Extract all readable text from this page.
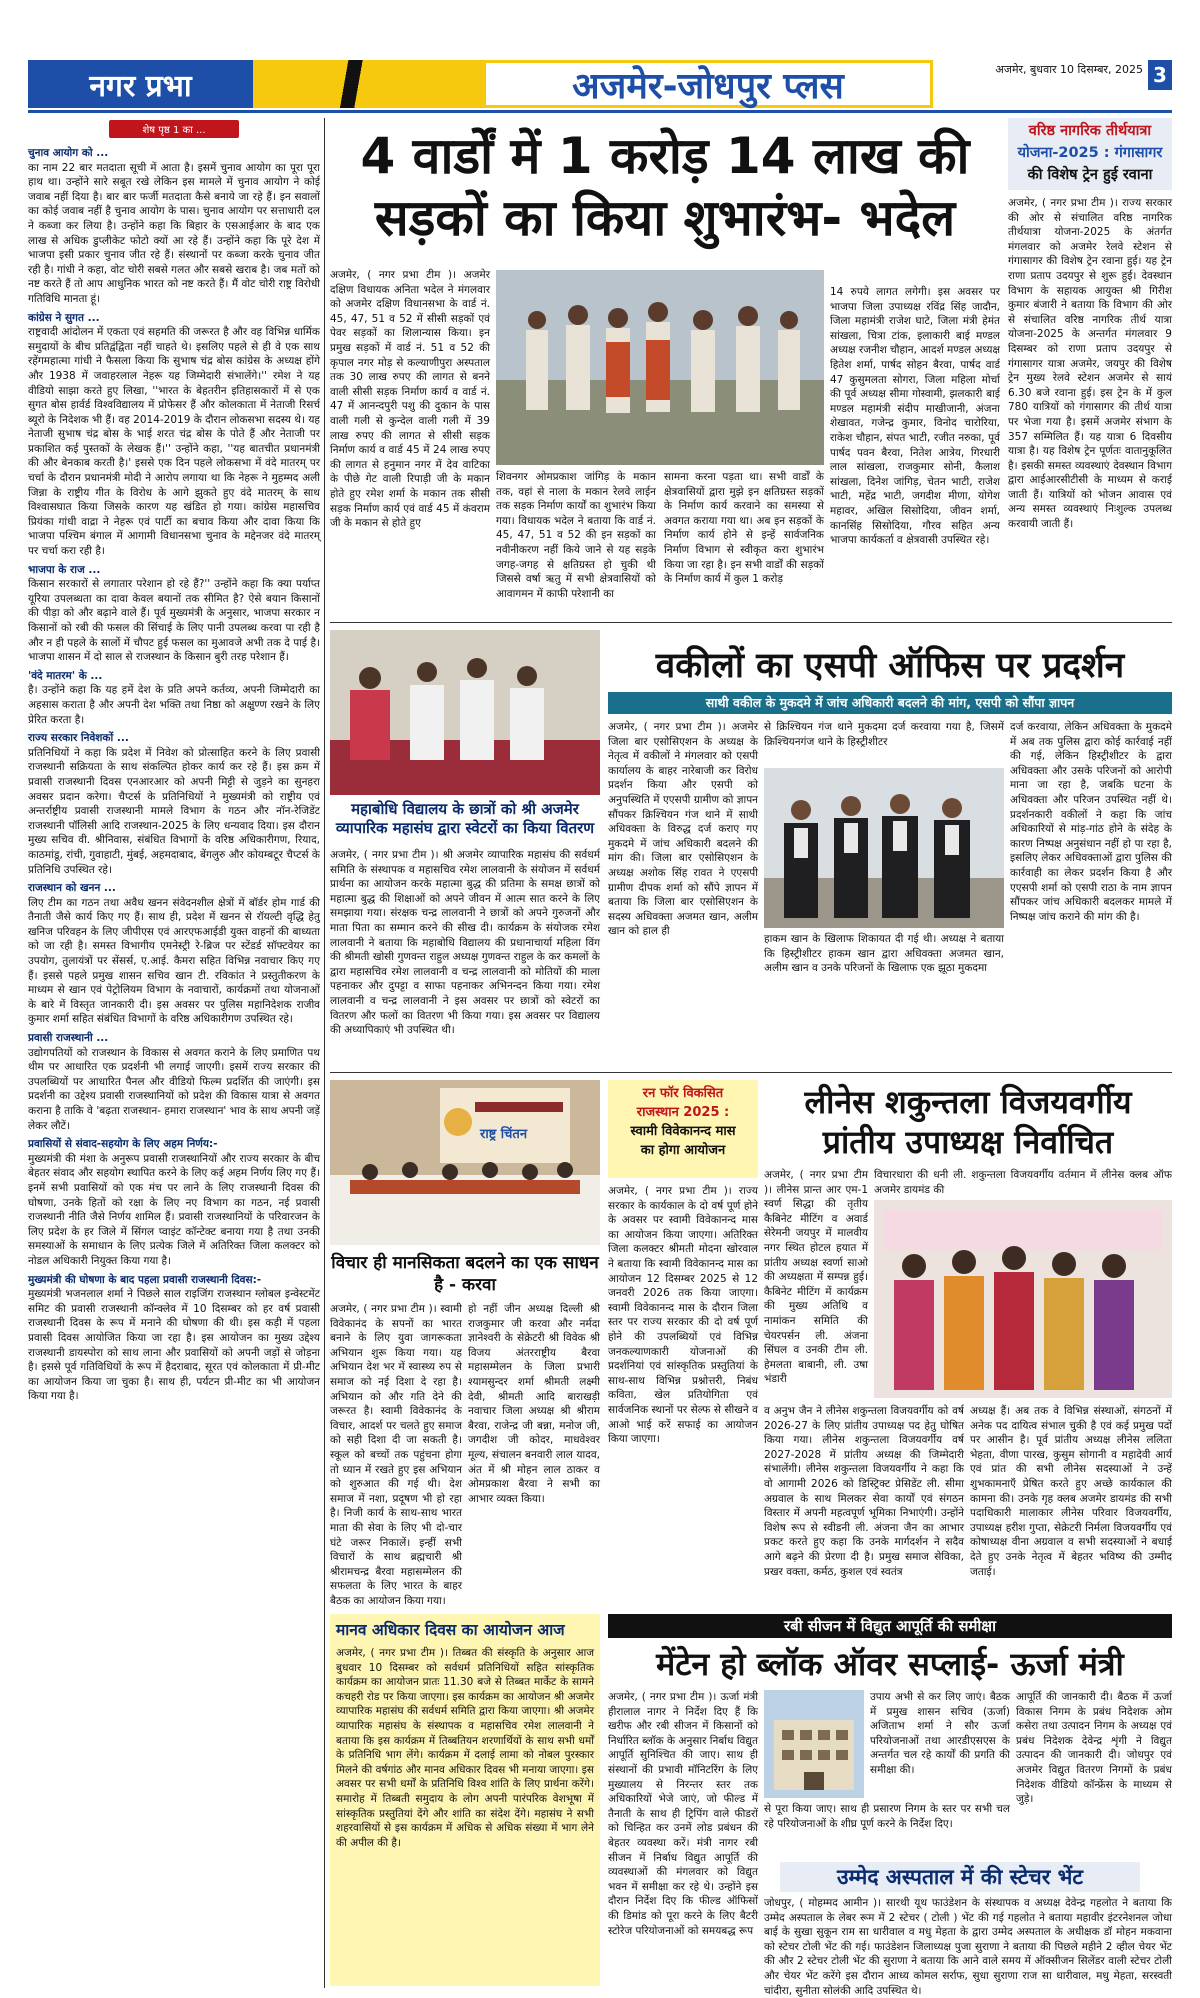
नगर प्रभा	अजमेर-जोधपुर प्लस	अजमेर, बुधवार 10 दिसम्बर, 2025 3
शेष पृष्ठ 1 का ...
चुनाव आयोग को ...
का नाम 22 बार मतदाता सूची में आता है। इसमें चुनाव आयोग का पूरा पूरा हाथ था। उन्होंने सारे सबूत रखे लेकिन इस मामले में चुनाव आयोग ने कोई जवाब नहीं दिया है। बार बार फर्जी मतदाता कैसे बनाये जा रहे हैं। इन सवालों का कोई जवाब नहीं है चुनाव आयोग के पास। चुनाव आयोग पर सत्ताधारी दल ने कब्जा कर लिया है। उन्होंने कहा कि बिहार के एसआईआर के बाद एक लाख से अधिक डुप्लीकेट फोटो क्यों आ रहे हैं। उन्होंने कहा कि पूरे देश में भाजपा इसी प्रकार चुनाव जीत रहे हैं। संस्थानों पर कब्जा करके चुनाव जीत रही है। गांधी ने कहा, वोट चोरी सबसे गलत और सबसे खराब है। जब मतों को नष्ट करते हैं तो आप आधुनिक भारत को नष्ट करते हैं। मैं वोट चोरी राष्ट्र विरोधी गतिविधि मानता हूं।
कांग्रेस ने सुगत ...
राष्ट्रवादी आंदोलन में एकता एवं सहमति की जरूरत है और वह विभिन्न धार्मिक समुदायों के बीच प्रतिद्वंद्विता नहीं चाहते थे। इसलिए पहले से ही वे एक साथ रहेंगमहात्मा गांधी ने फैसला किया कि सुभाष चंद्र बोस कांग्रेस के अध्यक्ष होंगे और 1938 में जवाहरलाल नेहरू यह जिम्मेदारी संभालेंगे।'' रमेश ने यह वीडियो साझा करते हुए लिखा, ''भारत के बेहतरीन इतिहासकारों में से एक सुगत बोस हार्वर्ड विश्वविद्यालय में प्रोफेसर हैं और कोलकाता में नेताजी रिसर्च ब्यूरो के निदेशक भी हैं। वह 2014-2019 के दौरान लोकसभा सदस्य थे। यह नेताजी सुभाष चंद्र बोस के भाई शरत चंद्र बोस के पोते हैं और नेताजी पर प्रकाशित कई पुस्तकों के लेखक हैं।'' उन्होंने कहा, ''यह बातचीत प्रधानमंत्री की और बेनकाब करती है।' इससे एक दिन पहले लोकसभा में वंदे मातरम् पर चर्चा के दौरान प्रधानमंत्री मोदी ने आरोप लगाया था कि नेहरू ने मुहम्मद अली जिन्ना के राष्ट्रीय गीत के विरोध के आगे झुकते हुए वंदे मातरम् के साथ विश्वासघात किया जिसके कारण यह खंडित हो गया। कांग्रेस महासचिव प्रियंका गांधी वाद्रा ने नेहरू एवं पार्टी का बचाव किया और दावा किया कि भाजपा पश्चिम बंगाल में आगामी विधानसभा चुनाव के मद्देनजर वंदे मातरम् पर चर्चा करा रही है।
भाजपा के राज ...
किसान सरकारों से लगातार परेशान हो रहे हैं?'' उन्होंने कहा कि क्या पर्याप्त यूरिया उपलब्धता का दावा केवल बयानों तक सीमित है? ऐसे बयान किसानों की पीड़ा को और बढ़ाने वाले हैं। पूर्व मुख्यमंत्री के अनुसार, भाजपा सरकार न किसानों को रबी की फसल की सिंचाई के लिए पानी उपलब्ध करवा पा रही है और न ही पहले के सालों में चौपट हुई फसल का मुआवजे अभी तक दे पाई है। भाजपा शासन में दो साल से राजस्थान के किसान बुरी तरह परेशान हैं।
'वंदे मातरम' के ...
है। उन्होंने कहा कि यह हमें देश के प्रति अपने कर्तव्य, अपनी जिम्मेदारी का अहसास कराता है और अपनी देश भक्ति तथा निष्ठा को अक्षुण्ण रखने के लिए प्रेरित करता है।
राज्य सरकार निवेशकों ...
प्रतिनिधियों ने कहा कि प्रदेश में निवेश को प्रोत्साहित करने के लिए प्रवासी राजस्थानी सक्रियता के साथ संकल्पित होकर कार्य कर रहे हैं। इस क्रम में प्रवासी राजस्थानी दिवस एनआरआर को अपनी मिट्टी से जुड़ने का सुनहरा अवसर प्रदान करेगा। चैप्टर्स के प्रतिनिधियों ने मुख्यमंत्री को राष्ट्रीय एवं अन्तर्राष्ट्रीय प्रवासी राजस्थानी मामले विभाग के गठन और नॉन-रेजिडेंट राजस्थानी पॉलिसी आदि राजस्थान-2025 के लिए धन्यवाद दिया। इस दौरान मुख्य सचिव वी. श्रीनिवास, संबंधित विभागों के वरिष्ठ अधिकारीगण, रियाद, काठमांडू, रांची, गुवाहाटी, मुंबई, अहमदाबाद, बेंगलुरु और कोयम्बटूर चैप्टर्स के प्रतिनिधि उपस्थित रहे।
राजस्थान को खनन ...
लिए टीम का गठन तथा अवैध खनन संवेदनशील क्षेत्रों में बॉर्डर होम गार्ड की तैनाती जैसे कार्य किए गए हैं। साथ ही, प्रदेश में खनन से रॉयल्टी वृद्धि हेतु खनिज परिवहन के लिए जीपीएस एवं आरएफआईडी युक्त वाहनों की बाध्यता को जा रही है। समस्त विभागीय एमनेस्ट्री रे-ब्रिज पर स्टेंडर्ड सॉफ्टवेयर का उपयोग, तुलायंत्रों पर सेंसर्स, ए.आई. कैमरा सहित विभिन्न नवाचार किए गए हैं। इससे पहले प्रमुख शासन सचिव खान टी. रविकांत ने प्रस्तुतीकरण के माध्यम से खान एवं पेट्रोलियम विभाग के नवाचारों, कार्यक्रमों तथा योजनाओं के बारे में विस्तृत जानकारी दी। इस अवसर पर पुलिस महानिदेशक राजीव कुमार शर्मा सहित संबंधित विभागों के वरिष्ठ अधिकारीगण उपस्थित रहे।
प्रवासी राजस्थानी ...
उद्योगपतियों को राजस्थान के विकास से अवगत कराने के लिए प्रमाणित पथ थीम पर आधारित एक प्रदर्शनी भी लगाई जाएगी। इसमें राज्य सरकार की उपलब्धियों पर आधारित पैनल और वीडियो फिल्म प्रदर्शित की जाएंगी। इस प्रदर्शनी का उद्देश्य प्रवासी राजस्थानियों को प्रदेश की विकास यात्रा से अवगत कराना है ताकि वे 'बढ़ता राजस्थान- हमारा राजस्थान' भाव के साथ अपनी जड़ें लेकर लौटें।
प्रवासियों से संवाद-सहयोग के लिए अहम निर्णय:-
मुख्यमंत्री की मंशा के अनुरूप प्रवासी राजस्थानियों और राज्य सरकार के बीच बेहतर संवाद और सहयोग स्थापित करने के लिए कई अहम निर्णय लिए गए हैं। इनमें सभी प्रवासियों को एक मंच पर लाने के लिए राजस्थानी दिवस की घोषणा, उनके हितों को रक्षा के लिए नए विभाग का गठन, नई प्रवासी राजस्थानी नीति जैसे निर्णय शामिल हैं। प्रवासी राजस्थानियों के परिवारजन के लिए प्रदेश के हर जिले में सिंगल प्वाइंट कॉन्टेक्ट बनाया गया है तथा उनकी समस्याओं के समाधान के लिए प्रत्येक जिले में अतिरिक्त जिला कलक्टर को नोडल अधिकारी नियुक्त किया गया है।
मुख्यमंत्री की घोषणा के बाद पहला प्रवासी राजस्थानी दिवस:-
मुख्यमंत्री भजनलाल शर्मा ने पिछले साल राइजिंग राजस्थान ग्लोबल इन्वेस्टमेंट समिट की प्रवासी राजस्थानी कॉन्क्लेव में 10 दिसम्बर को हर वर्ष प्रवासी राजस्थानी दिवस के रूप में मनाने की घोषणा की थी। इस कड़ी में पहला प्रवासी दिवस आयोजित किया जा रहा है। इस आयोजन का मुख्य उद्देश्य राजस्थानी डायस्पोरा को साथ लाना और प्रवासियों को अपनी जड़ों से जोड़ना है। इससे पूर्व गतिविधियों के रूप में हैदराबाद, सूरत एवं कोलकाता में प्री-मीट का आयोजन किया जा चुका है। साथ ही, पर्यटन प्री-मीट का भी आयोजन किया गया है।
4 वार्डों में 1 करोड़ 14 लाख की
सड़कों का किया शुभारंभ- भदेल
अजमेर, ( नगर प्रभा टीम )। अजमेर दक्षिण विधायक अनिता भदेल ने मंगलवार को अजमेर दक्षिण विधानसभा के वार्ड नं. 45, 47, 51 व 52 में सीसी सड़कों एवं पेवर सड़कों का शिलान्यास किया। इन प्रमुख सड़कों में वार्ड नं. 51 व 52 की कृपाल नगर मोड़ से कल्याणीपुरा अस्पताल तक 30 लाख रुपए की लागत से बनने वाली सीसी सड़क निर्माण कार्य व वार्ड नं. 47 में आनन्दपुरी पशु की दुकान के पास वाली गली से कुन्देल वाली गली में 39 लाख रुपए की लागत से सीसी सड़क निर्माण कार्य व वार्ड 45 में 24 लाख रुपए की लागत से हनुमान नगर में देव वाटिका के पीछे गेट वाली रिपाड़ी जी के मकान होते हुए रमेश शर्मा के मकान तक सीसी सड़क निर्माण कार्य एवं वार्ड 45 में कंवराम जी के मकान से होते हुए
शिवनगर ओमप्रकाश जांगिड़ के मकान तक, वहां से नाला के मकान रेलवे लाईन तक सड़क निर्माण कार्यों का शुभारंभ किया गया। विधायक भदेल ने बताया कि वार्ड नं. 45, 47, 51 व 52 की इन सड़कों का नवीनीकरण नहीं किये जाने से यह सड़के जगह-जगह से क्षतिग्रस्त हो चुकी थी जिससे वर्षा ऋतु में सभी क्षेत्रवासियों को आवागमन में काफी परेशानी का
सामना करना पड़ता था। सभी वार्डों के क्षेत्रवासियों द्वारा मुझे इन क्षतिग्रस्त सड़कों के निर्माण कार्य करवाने का समस्या से अवगत कराया गया था। अब इन सड़कों के निर्माण कार्य होने से इन्हें सार्वजनिक निर्माण विभाग से स्वीकृत करा शुभारंभ किया जा रहा है। इन सभी वार्डों की सड़कों के निर्माण कार्य में कुल 1 करोड़
14 रुपये लागत लगेगी। इस अवसर पर भाजपा जिला उपाध्यक्ष रविंद्र सिंह जादौन, जिला महामंत्री राजेश घाटे, जिला मंत्री हेमंत सांखला, चित्रा टांक, इलाकारी बाई मण्डल अध्यक्ष रजनीश चौहान, आदर्श मण्डल अध्यक्ष हितेश शर्मा, पार्षद सोहन बैरवा, पार्षद वार्ड 47 कुसुमलता सोगरा, जिला महिला मोर्चा की पूर्व अध्यक्ष सीमा गोस्वामी, झलकारी बाई मण्डल महामंत्री संदीप माखीजानी, अंजना शेखावत, गजेन्द्र कुमार, विनोद चारोरिया, राकेश चौहान, संपत भाटी, रजीत नरुका, पूर्व पार्षद पवन बैरवा, नितेश आत्रेय, गिरधारी लाल सांखला, राजकुमार सोनी, कैलाश सांखला, दिनेश जांगिड़, चेतन भाटी, राजेश भाटी, महेंद्र भाटी, जगदीश मीणा, योगेश महावर, अखिल सिसोदिया, जीवन शर्मा, कानसिंह सिसोदिया, गौरव सहित अन्य भाजपा कार्यकर्ता व क्षेत्रवासी उपस्थित रहे।
वरिष्ठ नागरिक तीर्थयात्रा
योजना-2025 : गंगासागर
की विशेष ट्रेन हुई रवाना
अजमेर, ( नगर प्रभा टीम )। राज्य सरकार की ओर से संचालित वरिष्ठ नागरिक तीर्थयात्रा योजना-2025 के अंतर्गत मंगलवार को अजमेर रेलवे स्टेशन से गंगासागर की विशेष ट्रेन रवाना हुई। यह ट्रेन राणा प्रताप उदयपुर से शुरू हुई। देवस्थान विभाग के सहायक आयुक्त श्री गिरीश कुमार बंजारी ने बताया कि विभाग की ओर से संचालित वरिष्ठ नागरिक तीर्थ यात्रा योजना-2025 के अन्तर्गत मंगलवार 9 दिसम्बर को राणा प्रताप उदयपुर से गंगासागर यात्रा अजमेर, जयपुर की विशेष ट्रेन मुख्य रेलवे स्टेशन अजमेर से सायं 6.30 बजे रवाना हुई। इस ट्रेन के में कुल 780 यात्रियों को गंगासागर की तीर्थ यात्रा पर भेजा गया है। इसमें अजमेर संभाग के 357 सम्मिलित हैं। यह यात्रा 6 दिवसीय यात्रा है। यह विशेष ट्रेन पूर्णतः वातानुकूलित है। इसकी समस्त व्यवस्थाएं देवस्थान विभाग द्वारा आईआरसीटीसी के माध्यम से कराई जाती हैं। यात्रियों को भोजन आवास एवं अन्य समस्त व्यवस्थाएं निःशुल्क उपलब्ध करवायी जाती हैं।
महाबोधि विद्यालय के छात्रों को श्री अजमेर व्यापारिक महासंघ द्वारा स्वेटरों का किया वितरण
अजमेर, ( नगर प्रभा टीम )। श्री अजमेर व्यापारिक महासंघ की सर्वधर्म समिति के संस्थापक व महासचिव रमेश लालवानी के संयोजन में सर्वधर्म प्रार्थना का आयोजन करके महात्मा बुद्ध की प्रतिमा के समक्ष छात्रों को महात्मा बुद्ध की शिक्षाओं को अपने जीवन में आत्म सात करने के लिए समझाया गया। संरक्षक चन्द्र लालवानी ने छात्रों को अपने गुरुजनों और माता पिता का सम्मान करने की सीख दी। कार्यक्रम के संयोजक रमेश लालवानी ने बताया कि महाबोधि विद्यालय की प्रधानाचार्या महिला विंग की श्रीमती खोसी गुणवन्त राहुल अध्यक्ष गुणवन्त राहुल के कर कमलों के द्वारा महासचिव रमेश लालवानी व चन्द्र लालवानी को मोतियों की माला पहनाकर और दुपट्टा व साफा पहनाकर अभिनन्दन किया गया। रमेश लालवानी व चन्द्र लालवानी ने इस अवसर पर छात्रों को स्वेटरों का वितरण और फलों का वितरण भी किया गया। इस अवसर पर विद्यालय की अध्यापिकाएं भी उपस्थित थी।
वकीलों का एसपी ऑफिस पर प्रदर्शन
साथी वकील के मुकदमे में जांच अधिकारी बदलने की मांग, एसपी को सौंपा ज्ञापन
अजमेर, ( नगर प्रभा टीम )। अजमेर जिला बार एसोसिएशन के अध्यक्ष के नेतृत्व में वकीलों ने मंगलवार को एसपी कार्यालय के बाहर नारेबाजी कर विरोध प्रदर्शन किया और एसपी को अनुपस्थिति में एएसपी ग्रामीण को ज्ञापन सौंपकर क्रिश्चियन गंज थाने में साथी अधिवक्ता के विरुद्ध दर्ज कराए गए मुकदमे में जांच अधिकारी बदलने की मांग की। जिला बार एसोसिएशन के अध्यक्ष अशोक सिंह रावत ने एएसपी ग्रामीण दीपक शर्मा को सौंपे ज्ञापन में बताया कि जिला बार एसोसिएशन के सदस्य अधिवक्ता अजमत खान, अलीम खान को हाल ही
से क्रिश्चियन गंज थाने मुकदमा दर्ज करवाया गया है, जिसमें क्रिश्चियनगंज थाने के हिस्ट्रीशीटर
हाकम खान के खिलाफ शिकायत दी गई थी। अध्यक्ष ने बताया कि हिस्ट्रीशीटर हाकम खान द्वारा अधिवक्ता अजमत खान, अलीम खान व उनके परिजनों के खिलाफ एक झूठा मुकदमा
दर्ज करवाया, लेकिन अधिवक्ता के मुकदमे में अब तक पुलिस द्वारा कोई कार्रवाई नहीं की गई, लेकिन हिस्ट्रीशीटर के द्वारा अधिवक्ता और उसके परिजनों को आरोपी माना जा रहा है, जबकि घटना के अधिवक्ता और परिजन उपस्थित नहीं थे। प्रदर्शनकारी वकीलों ने कहा कि जांच अधिकारियों से मांड़-गांठ होने के संदेह के कारण निष्पक्ष अनुसंधान नहीं हो पा रहा है, इसलिए लेकर अधिवक्ताओं द्वारा पुलिस की कार्रवाही का लेकर प्रदर्शन किया है और एएसपी शर्मा को एसपी राठा के नाम ज्ञापन सौंपकर जांच अधिकारी बदलकर मामले में निष्पक्ष जांच कराने की मांग की है।
राष्ट्र चिंतन
विचार ही मानसिकता बदलने का एक साधन है - करवा
अजमेर, ( नगर प्रभा टीम )। स्वामी विवेकानंद के सपनों का भारत बनाने के लिए युवा जागरूकता अभियान शुरू किया गया। यह अभियान देश भर में स्वास्थ्य रुप से समाज को नई दिशा दे रहा है। अभियान को और गति देने की जरूरत है। स्वामी विवेकानंद के विचार, आदर्श पर चलते हुए समाज को सही दिशा दी जा सकती है। स्कूल को बच्चों तक पहुंचना होगा तो ध्यान में रखते हुए इस अभियान को शुरुआत की गई थी। देश समाज में नशा, प्रदूषण भी हो रहा है। निजी कार्य के साथ-साथ भारत माता की सेवा के लिए भी दो-चार घंटे जरूर निकालें। इन्हीं सभी विचारों के साथ ब्रह्मचारी श्री श्रीरामचन्द्र बैरवा महासम्मेलन की सफलता के लिए भारत के बाहर बैठक का आयोजन किया गया।
हो नहीं जीन अध्यक्ष दिल्ली श्री राजकुमार जी करवा और नर्मदा ज्ञानेश्वरी के सेक्रेटरी श्री विवेक श्री विजय अंतरराष्ट्रीय बैरवा महासम्मेलन के जिला प्रभारी श्यामसुन्दर शर्मा श्रीमती लक्ष्मी देवी, श्रीमती आदि बाराखड़ी नवाचार जिला अध्यक्ष श्री श्रीराम बैरवा, राजेन्द्र जी बन्ना, मनोज जी, जगदीश जी कोदर, माधवेश्वर मूल्य, संचालन बनवारी लाल यादव, अंत में श्री मोहन लाल ठाकर व ओमप्रकाश बैरवा ने सभी का आभार व्यक्त किया।
रन फॉर विकसित
राजस्थान 2025 :
स्वामी विवेकानन्द मास
का होगा आयोजन
अजमेर, ( नगर प्रभा टीम )। राज्य सरकार के कार्यकाल के दो वर्ष पूर्ण होने के अवसर पर स्वामी विवेकानन्द मास का आयोजन किया जाएगा। अतिरिक्त जिला कलक्टर श्रीमती मोदना खोरवाल ने बताया कि स्वामी विवेकानन्द मास का आयोजन 12 दिसम्बर 2025 से 12 जनवरी 2026 तक किया जाएगा। स्वामी विवेकानन्द मास के दौरान जिला स्तर पर राज्य सरकार की दो वर्ष पूर्ण होने की उपलब्धियों एवं विभिन्न जनकल्याणकारी योजनाओं की प्रदर्शनियां एवं सांस्कृतिक प्रस्तुतियां के साथ-साथ विभिन्न प्रश्नोत्तरी, निबंध कविता, खेल प्रतियोगिता एवं सार्वजनिक स्थानों पर सेल्फ से सीखने व आओ भाई करें सफाई का आयोजन किया जाएगा।
लीनेस शकुन्तला विजयवर्गीय
प्रांतीय उपाध्यक्ष निर्वाचित
अजमेर, ( नगर प्रभा टीम )। लीनेस प्रान्त आर एम-1 स्वर्ण सिद्धा की तृतीय कैबिनेट मीटिंग व अवार्ड सेरेमनी जयपुर में मालवीय नगर स्थित होटल हयात में प्रांतीय अध्यक्ष स्वर्णा साओ की अध्यक्षता में सम्पन्न हुई। कैबिनेट मीटिंग में कार्यक्रम की मुख्य अतिथि व नामांकन समिति की चेयरपर्सन ली. अंजना सिंघल व उनकी टीम ली. हेमलता बाबानी, ली. उषा भंडारी
विचारधारा की धनी ली. शकुन्तला विजयवर्गीय वर्तमान में लीनेस क्लब ऑफ अजमेर डायमंड की
व अनुभ जैन ने लीनेस शकुन्तला विजयवर्गीय को वर्ष 2026-27 के लिए प्रांतीय उपाध्यक्ष पद हेतु घोषित किया गया। लीनेस शकुन्तला विजयवर्गीय वर्ष 2027-2028 में प्रांतीय अध्यक्ष की जिम्मेदारी संभालेंगी। लीनेस शकुन्तला विजयवर्गीय ने कहा कि वो आगामी 2026 को डिस्ट्रिक्ट प्रेसिडेंट ली. सीमा अग्रवाल के साथ मिलकर सेवा कार्यों एवं संगठन विस्तार में अपनी महत्वपूर्ण भूमिका निभाएंगी। उन्होंने विशेष रूप से स्वीडनी ली. अंजना जैन का आभार प्रकट करते हुए कहा कि उनके मार्गदर्शन ने सदैव आगे बढ़ने की प्रेरणा दी है। प्रमुख समाज सेविका, प्रखर वक्ता, कर्मठ, कुशल एवं स्वतंत्र
अध्यक्ष हैं। अब तक वे विभिन्न संस्थाओं, संगठनों में अनेक पद दायित्व संभाल चुकी है एवं कई प्रमुख पदों पर आसीन है। पूर्व प्रांतीय अध्यक्ष लीनेस ललिता भेहता, वीणा पारख, कुसुम सोगानी व महादेवी आर्य एवं प्रांत की सभी लीनेस सदस्याओं ने उन्हें शुभकामनाएँ प्रेषित करते हुए अच्छे कार्यकाल की कामना की। उनके गृह क्लब अजमेर डायमंड की सभी पदाधिकारी मालाकार लीनेस परिवार विजयवर्गीय, उपाध्यक्ष हरीश गुप्ता, सेक्रेटरी निर्मला विजयवर्गीय एवं कोषाध्यक्ष वीना अग्रवाल व सभी सदस्याओं ने बधाई देते हुए उनके नेतृत्व में बेहतर भविष्य की उम्मीद जताई।
मानव अधिकार दिवस का आयोजन आज
अजमेर, ( नगर प्रभा टीम )। तिब्बत की संस्कृति के अनुसार आज बुधवार 10 दिसम्बर को सर्वधर्म प्रतिनिधियों सहित सांस्कृतिक कार्यक्रम का आयोजन प्रातः 11.30 बजे से तिब्बत मार्केट के सामने कचहरी रोड पर किया जाएगा। इस कार्यक्रम का आयोजन श्री अजमेर व्यापारिक महासंघ की सर्वधर्म समिति द्वारा किया जाएगा। श्री अजमेर व्यापारिक महासंघ के संस्थापक व महासचिव रमेश लालवानी ने बताया कि इस कार्यक्रम में तिब्बतियन शरणार्थियों के साथ सभी धर्मों के प्रतिनिधि भाग लेंगे। कार्यक्रम में दलाई लामा को नोबल पुरस्कार मिलने की वर्षगांठ और मानव अधिकार दिवस भी मनाया जाएगा। इस अवसर पर सभी धर्मों के प्रतिनिधि विश्व शांति के लिए प्रार्थना करेंगे। समारोह में तिब्बती समुदाय के लोग अपनी पारंपरिक वेशभूषा में सांस्कृतिक प्रस्तुतियां देंगे और शांति का संदेश देंगे। महासंघ ने सभी शहरवासियों से इस कार्यक्रम में अधिक से अधिक संख्या में भाग लेने की अपील की है।
रबी सीजन में विद्युत आपूर्ति की समीक्षा
मेंटेन हो ब्लॉक ऑवर सप्लाई- ऊर्जा मंत्री
अजमेर, ( नगर प्रभा टीम )। ऊर्जा मंत्री हीरालाल नागर ने निर्देश दिए हैं कि खरीफ और रबी सीजन में किसानों को निर्धारित ब्लॉक के अनुसार निर्बाध विद्युत आपूर्ति सुनिश्चित की जाए। साथ ही संस्थानों की प्रभावी मॉनिटरिंग के लिए मुख्यालय से निरन्तर स्तर तक अधिकारियों भेजे जाएं, जो फील्ड में तैनाती के साथ ही ट्रिपिंग वाले फीडरों को चिन्हित कर उनमें लोड प्रबंधन की बेहतर व्यवस्था करें। मंत्री नागर रबी सीजन में निर्बाध विद्युत आपूर्ति की व्यवस्थाओं की मंगलवार को विद्युत भवन में समीक्षा कर रहे थे। उन्होंने इस दौरान निर्देश दिए कि फील्ड ऑफिसों की डिमांड को पूरा करने के लिए बैटरी स्टोरेज परियोजनाओं को समयबद्ध रूप
उपाय अभी से कर लिए जाएं। बैठक में प्रमुख शासन सचिव (ऊर्जा) अजिताभ शर्मा ने सौर ऊर्जा परियोजनाओं तथा आरडीएसएस के अन्तर्गत चल रहे कार्यों की प्रगति की समीक्षा की।
से पूरा किया जाए। साथ ही प्रसारण निगम के स्तर पर सभी चल रहे परियोजनाओं के शीघ्र पूर्ण करने के निर्देश दिए।
आपूर्ति की जानकारी दी। बैठक में ऊर्जा विकास निगम के प्रबंध निदेशक ओम कसेरा तथा उत्पादन निगम के अध्यक्ष एवं प्रबंध निदेशक देवेन्द्र शृंगी ने विद्युत उत्पादन की जानकारी दी। जोधपुर एवं अजमेर विद्युत वितरण निगमों के प्रबंध निदेशक वीडियो कॉन्फ्रेंस के माध्यम से जुड़े।
उम्मेद अस्पताल में की स्टेचर भेंट
जोधपुर, ( मोहम्मद आमीन )। सारथी यूथ फाउंडेशन के संस्थापक व अध्यक्ष देवेन्द्र गहलोत ने बताया कि उम्मेद अस्पताल के लेबर रूम में 2 स्टेचर ( टोली ) भेंट की गई गहलोत ने बताया महावीर इंटरनेशनल जोधा बाई के सुखा सुकून राम सा धारीवाल व मधु मेहता के द्वारा उम्मेद अस्पताल के अधीक्षक डॉ मोहन मकवाना को स्टेचर टोली भेंट की गई। फाउंडेशन जिलाध्यक्ष पुजा सुराणा ने बताया की पिछले महीने 2 व्हील चेयर भेंट की और 2 स्टेचर टोली भेंट की सुराणा ने बताया कि आने वाले समय में ऑक्सीजन सिलेंडर वाली स्टेचर टोली और चेयर भेंट करेंगे इस दौरान आध्य कोमल सर्राफ, सुधा सुराणा राज सा धारीवाल, मधु मेहता, सरस्वती चांदीरा, सुनीता सोलंकी आदि उपस्थित थे।
